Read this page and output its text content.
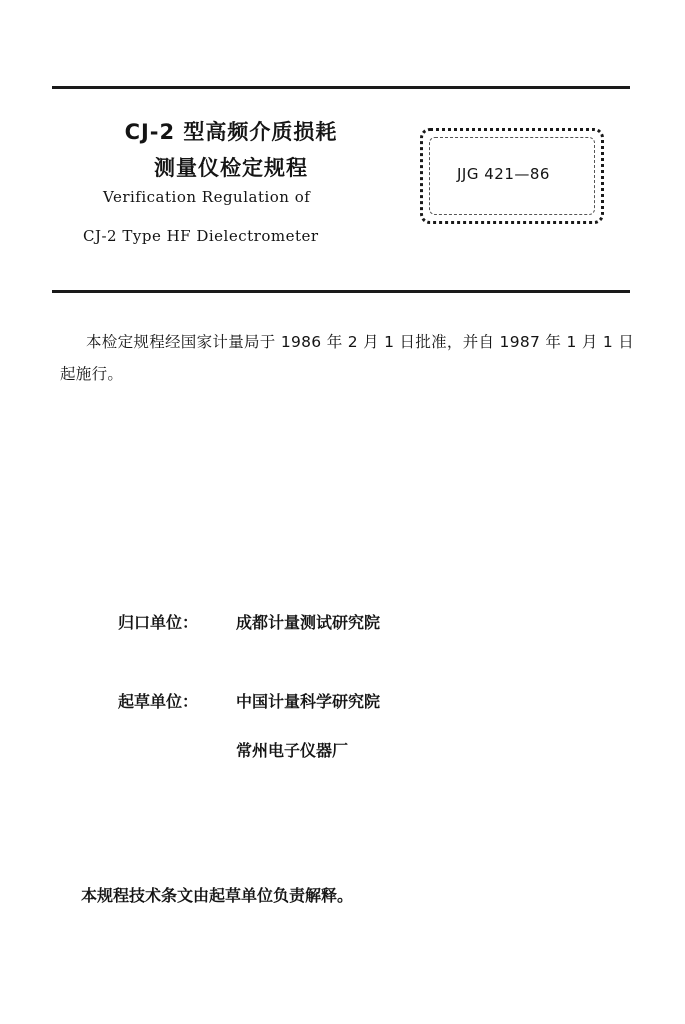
CJ-2 型高频介质损耗
测量仪检定规程
Verification Regulation of
CJ-2 Type HF Dielectrometer
JJG 421—86
本检定规程经国家计量局于 1986 年 2 月 1 日批准，并自 1987 年 1 月 1 日起施行。
归口单位： 成都计量测试研究院
起草单位： 中国计量科学研究院
常州电子仪器厂
本规程技术条文由起草单位负责解释。
